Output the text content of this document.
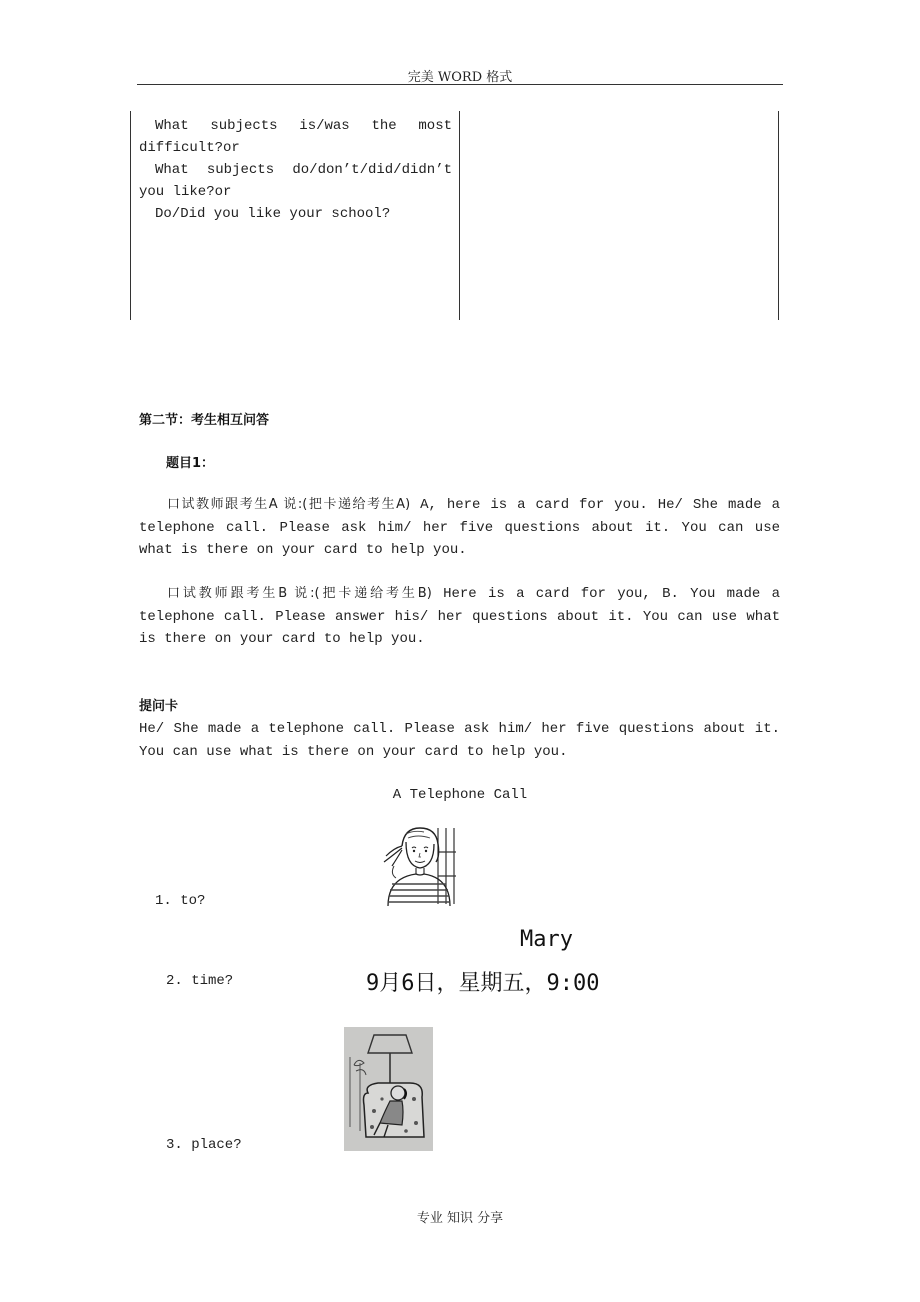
完美 WORD 格式
What subjects is/was the most difficult?or
What subjects do/don’t/did/didn’t you like?or
Do/Did you like your school?
第二节：考生相互问答
题目1：
口试教师跟考生A 说:(把卡递给考生A) A, here is a card for you. He/ She made a telephone call. Please ask him/ her five questions about it. You can use what is there on your card to help you.
口试教师跟考生B 说:(把卡递给考生B) Here is a card for you, B. You made a telephone call. Please answer his/ her questions about it. You can use what is there on your card to help you.
提问卡
He/ She made a telephone call. Please ask him/ her five questions about it. You can use what is there on your card to help you.
A Telephone Call
1. to?
Mary
2. time?	9月6日，星期五，9:00
3. place?
专业 知识 分享
